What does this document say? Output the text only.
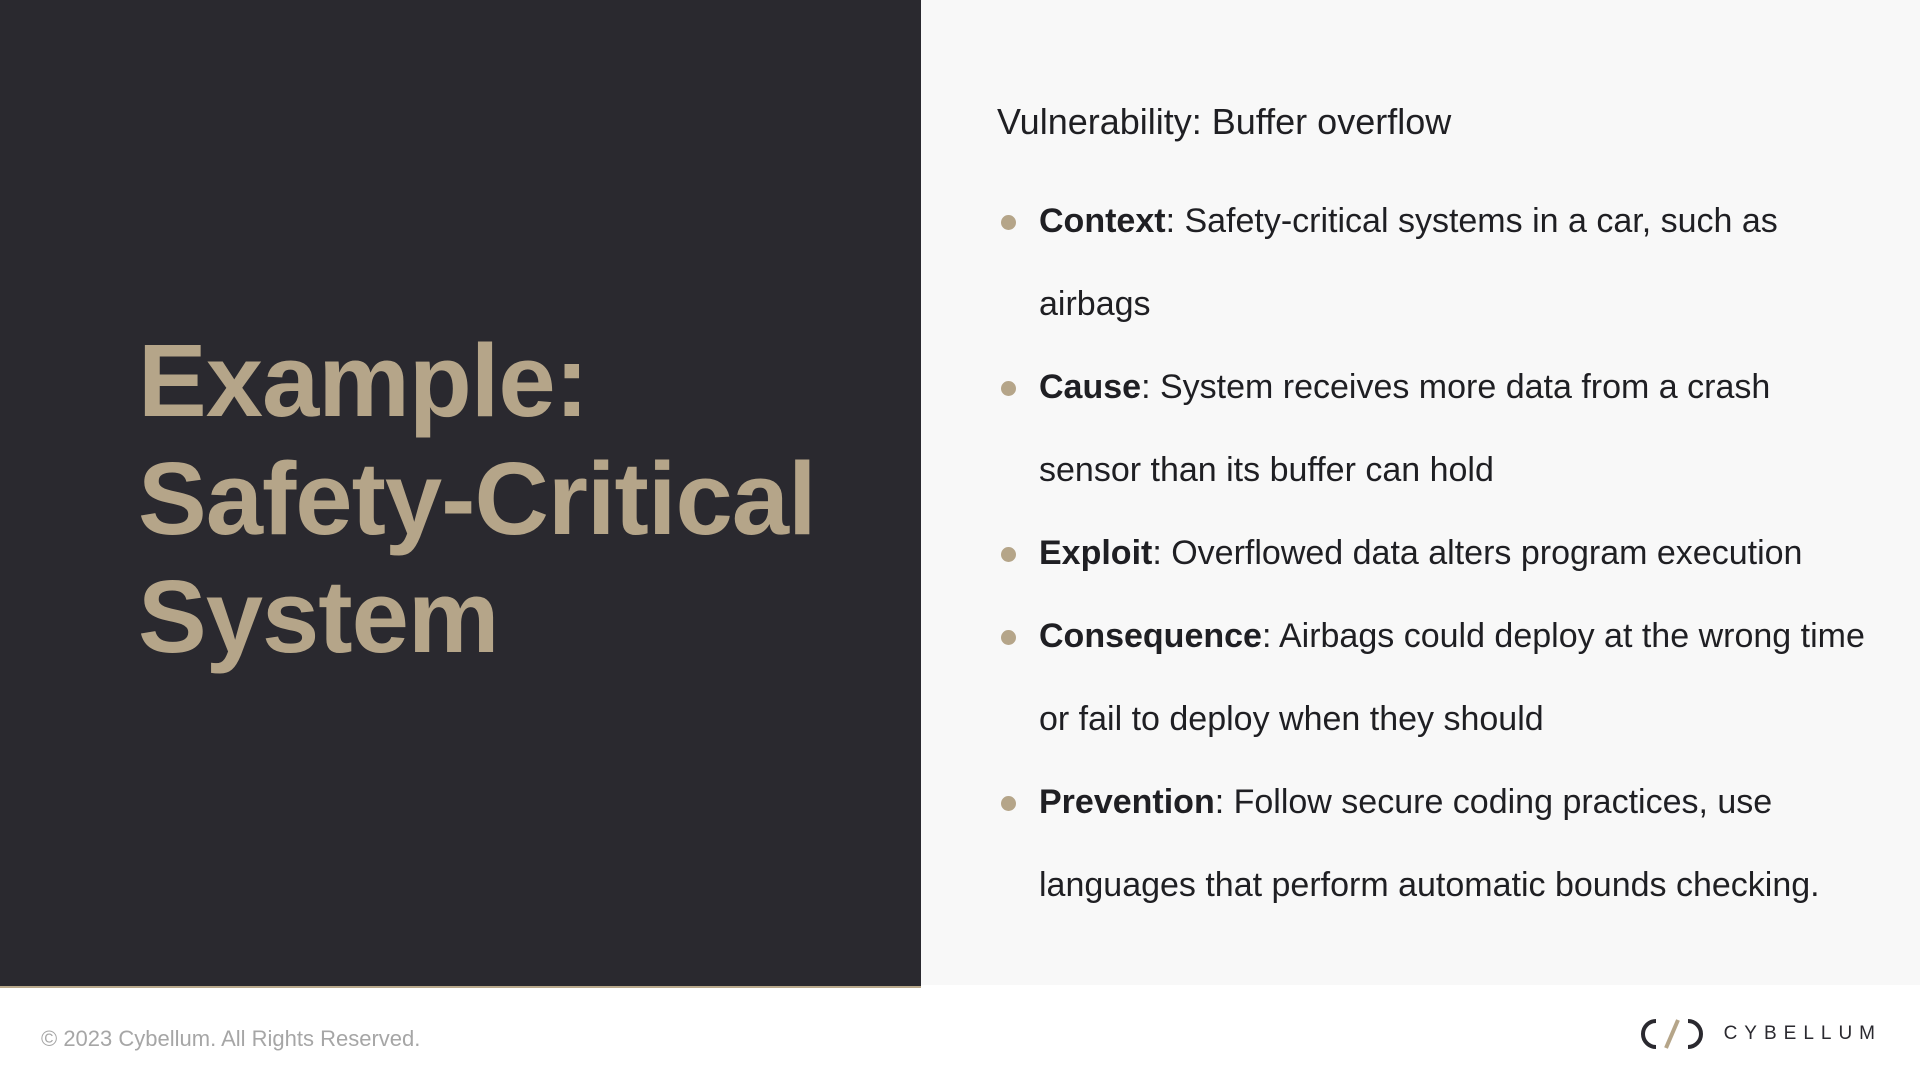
Example:
Safety-Critical
System

Vulnerability: Buffer overflow

Context: Safety-critical systems in a car, such as airbags
Cause: System receives more data from a crash sensor than its buffer can hold
Exploit: Overflowed data alters program execution
Consequence: Airbags could deploy at the wrong time or fail to deploy when they should
Prevention: Follow secure coding practices, use languages that perform automatic bounds checking.
© 2023 Cybellum. All Rights Reserved.	CYBELLUM
